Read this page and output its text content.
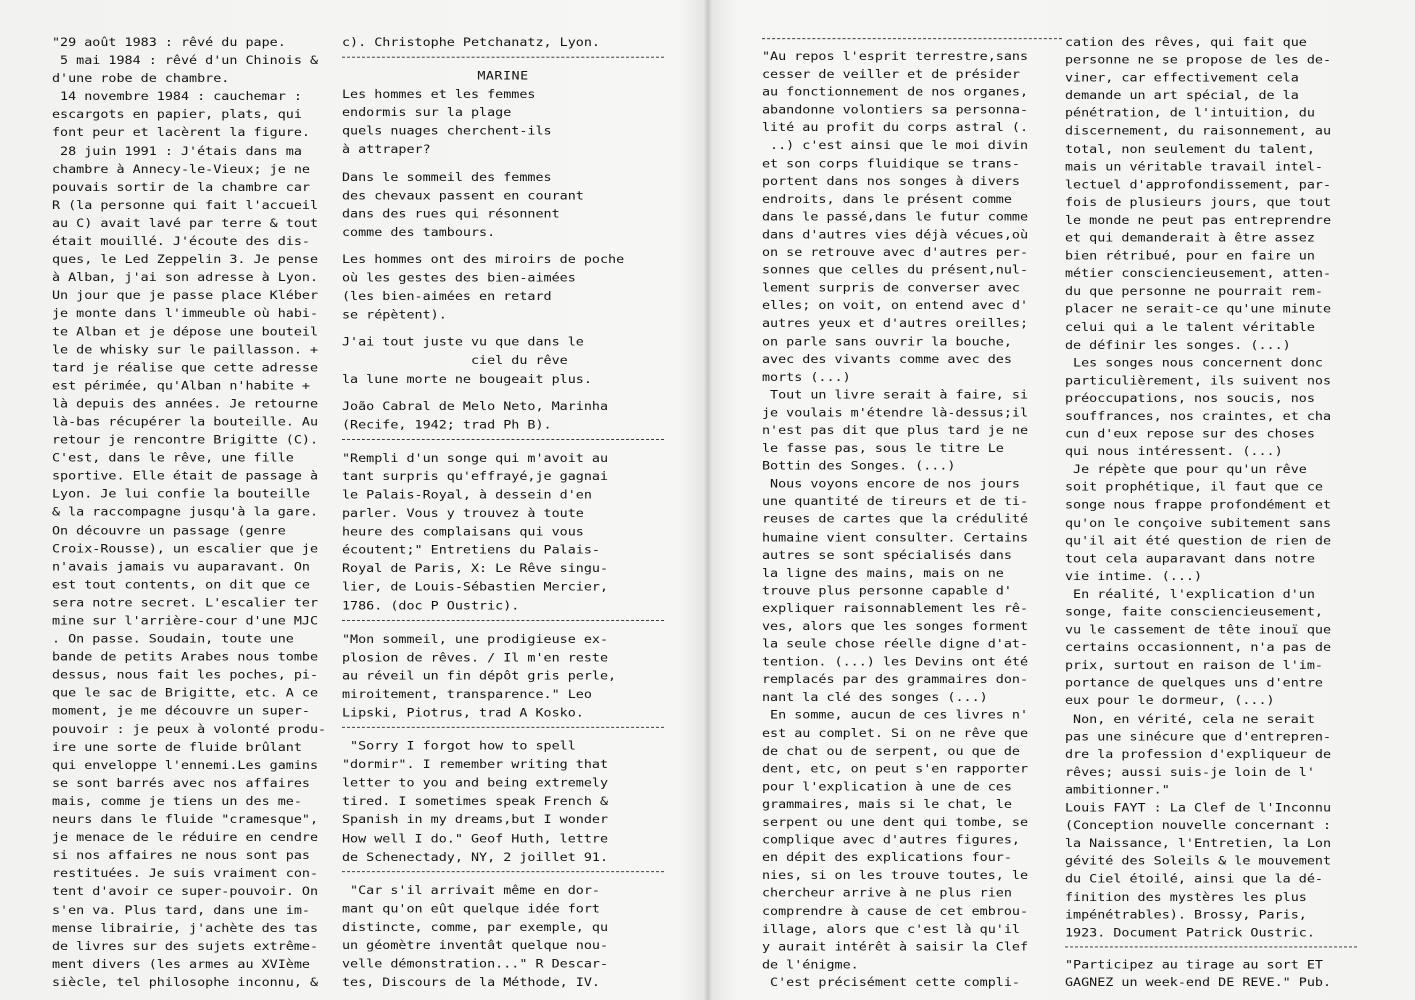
"29 août 1983 : rêvé du pape.
5 mai 1984 : rêvé d'un Chinois &
d'une robe de chambre.
14 novembre 1984 : cauchemar :
escargots en papier, plats, qui
font peur et lacèrent la figure.
28 juin 1991 : J'étais dans ma
chambre à Annecy-le-Vieux; je ne
pouvais sortir de la chambre car
R (la personne qui fait l'accueil
au C) avait lavé par terre & tout
était mouillé. J'écoute des dis-
ques, le Led Zeppelin 3. Je pense
à Alban, j'ai son adresse à Lyon.
Un jour que je passe place Kléber
je monte dans l'immeuble où habi-
te Alban et je dépose une bouteil
le de whisky sur le paillasson. +
tard je réalise que cette adresse
est périmée, qu'Alban n'habite +
là depuis des années. Je retourne
là-bas récupérer la bouteille. Au
retour je rencontre Brigitte (C).
C'est, dans le rêve, une fille
sportive. Elle était de passage à
Lyon. Je lui confie la bouteille
& la raccompagne jusqu'à la gare.
On découvre un passage (genre
Croix-Rousse), un escalier que je
n'avais jamais vu auparavant. On
est tout contents, on dit que ce
sera notre secret. L'escalier ter
mine sur l'arrière-cour d'une MJC
. On passe. Soudain, toute une
bande de petits Arabes nous tombe
dessus, nous fait les poches, pi-
que le sac de Brigitte, etc. A ce
moment, je me découvre un super-
pouvoir : je peux à volonté produ-
ire une sorte de fluide brûlant
qui enveloppe l'ennemi.Les gamins
se sont barrés avec nos affaires
mais, comme je tiens un des me-
neurs dans le fluide "cramesque",
je menace de le réduire en cendre
si nos affaires ne nous sont pas
restituées. Je suis vraiment con-
tent d'avoir ce super-pouvoir. On
s'en va. Plus tard, dans une im-
mense librairie, j'achète des tas
de livres sur des sujets extrême-
ment divers (les armes au XVIème
siècle, tel philosophe inconnu, &
c). Christophe Petchanatz, Lyon.
MARINE
Les hommes et les femmes
endormis sur la plage
quels nuages cherchent-ils
à attraper?
Dans le sommeil des femmes
des chevaux passent en courant
dans des rues qui résonnent
comme des tambours.
Les hommes ont des miroirs de poche
où les gestes des bien-aimées
(les bien-aimées en retard
se répètent).
J'ai tout juste vu que dans le
ciel du rêve
la lune morte ne bougeait plus.
João Cabral de Melo Neto, Marinha
(Recife, 1942; trad Ph B).
"Rempli d'un songe qui m'avoit au
tant surpris qu'effrayé,je gagnai
le Palais-Royal, à dessein d'en
parler. Vous y trouvez à toute
heure des complaisans qui vous
écoutent;" Entretiens du Palais-
Royal de Paris, X: Le Rêve singu-
lier, de Louis-Sébastien Mercier,
1786. (doc P Oustric).
"Mon sommeil, une prodigieuse ex-
plosion de rêves. / Il m'en reste
au réveil un fin dépôt gris perle,
miroitement, transparence." Leo
Lipski, Piotrus, trad A Kosko.
"Sorry I forgot how to spell
"dormir". I remember writing that
letter to you and being extremely
tired. I sometimes speak French &
Spanish in my dreams,but I wonder
How well I do." Geof Huth, lettre
de Schenectady, NY, 2 joillet 91.
"Car s'il arrivait même en dor-
mant qu'on eût quelque idée fort
distincte, comme, par exemple, qu
un géomètre inventât quelque nou-
velle démonstration..." R Descar-
tes, Discours de la Méthode, IV.
"Au repos l'esprit terrestre,sans
cesser de veiller et de présider
au fonctionnement de nos organes,
abandonne volontiers sa personna-
lité au profit du corps astral (.
..) c'est ainsi que le moi divin
et son corps fluidique se trans-
portent dans nos songes à divers
endroits, dans le présent comme
dans le passé,dans le futur comme
dans d'autres vies déjà vécues,où
on se retrouve avec d'autres per-
sonnes que celles du présent,nul-
lement surpris de converser avec
elles; on voit, on entend avec d'
autres yeux et d'autres oreilles;
on parle sans ouvrir la bouche,
avec des vivants comme avec des
morts (...)
Tout un livre serait à faire, si
je voulais m'étendre là-dessus;il
n'est pas dit que plus tard je ne
le fasse pas, sous le titre Le
Bottin des Songes. (...)
Nous voyons encore de nos jours
une quantité de tireurs et de ti-
reuses de cartes que la crédulité
humaine vient consulter. Certains
autres se sont spécialisés dans
la ligne des mains, mais on ne
trouve plus personne capable d'
expliquer raisonnablement les rê-
ves, alors que les songes forment
la seule chose réelle digne d'at-
tention. (...) les Devins ont été
remplacés par des grammaires don-
nant la clé des songes (...)
En somme, aucun de ces livres n'
est au complet. Si on ne rêve que
de chat ou de serpent, ou que de
dent, etc, on peut s'en rapporter
pour l'explication à une de ces
grammaires, mais si le chat, le
serpent ou une dent qui tombe, se
complique avec d'autres figures,
en dépit des explications four-
nies, si on les trouve toutes, le
chercheur arrive à ne plus rien
comprendre à cause de cet embrou-
illage, alors que c'est là qu'il
y aurait intérêt à saisir la Clef
de l'énigme.
C'est précisément cette compli-
cation des rêves, qui fait que
personne ne se propose de les de-
viner, car effectivement cela
demande un art spécial, de la
pénétration, de l'intuition, du
discernement, du raisonnement, au
total, non seulement du talent,
mais un véritable travail intel-
lectuel d'approfondissement, par-
fois de plusieurs jours, que tout
le monde ne peut pas entreprendre
et qui demanderait à être assez
bien rétribué, pour en faire un
métier consciencieusement, atten-
du que personne ne pourrait rem-
placer ne serait-ce qu'une minute
celui qui a le talent véritable
de définir les songes. (...)
Les songes nous concernent donc
particulièrement, ils suivent nos
préoccupations, nos soucis, nos
souffrances, nos craintes, et cha
cun d'eux repose sur des choses
qui nous intéressent. (...)
Je répète que pour qu'un rêve
soit prophétique, il faut que ce
songe nous frappe profondément et
qu'on le conçoive subitement sans
qu'il ait été question de rien de
tout cela auparavant dans notre
vie intime. (...)
En réalité, l'explication d'un
songe, faite consciencieusement,
vu le cassement de tête inouï que
certains occasionnent, n'a pas de
prix, surtout en raison de l'im-
portance de quelques uns d'entre
eux pour le dormeur, (...)
Non, en vérité, cela ne serait
pas une sinécure que d'entrepren-
dre la profession d'expliqueur de
rêves; aussi suis-je loin de l'
ambitionner."
Louis FAYT : La Clef de l'Inconnu
(Conception nouvelle concernant :
la Naissance, l'Entretien, la Lon
gévité des Soleils & le mouvement
du Ciel étoilé, ainsi que la dé-
finition des mystères les plus
impénétrables). Brossy, Paris,
1923. Document Patrick Oustric.
"Participez au tirage au sort ET
GAGNEZ un week-end DE REVE." Pub.
